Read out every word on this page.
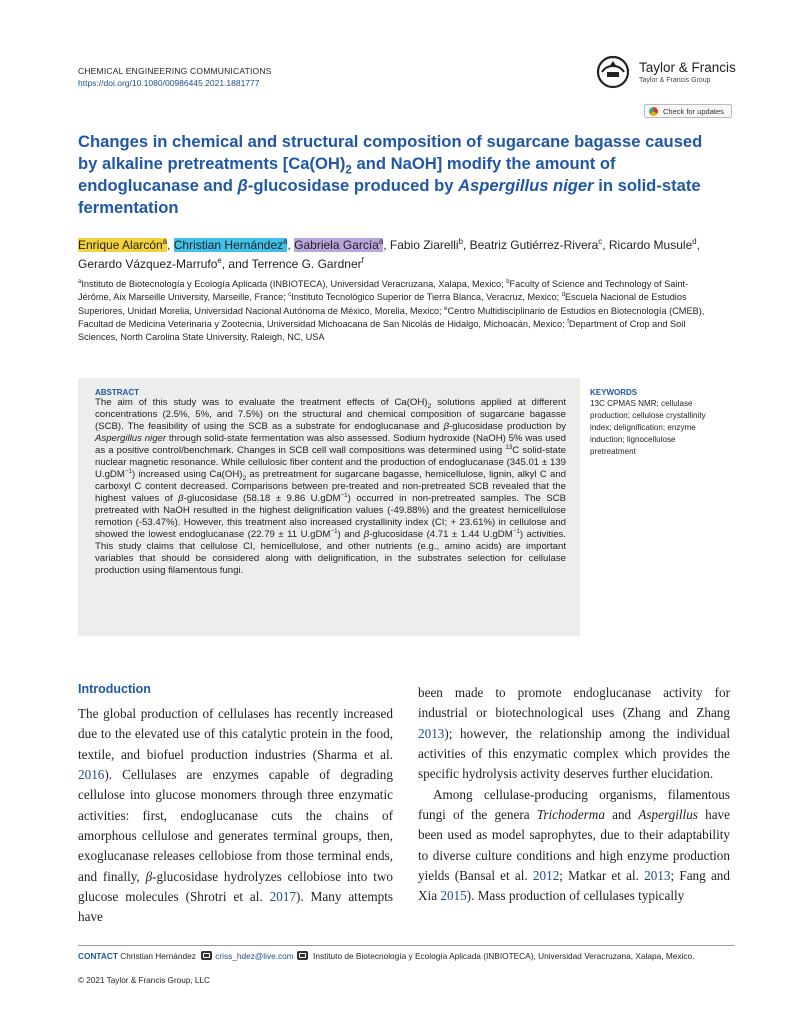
CHEMICAL ENGINEERING COMMUNICATIONS
https://doi.org/10.1080/00986445.2021.1881777
Taylor & Francis
Taylor & Francis Group
Check for updates
Changes in chemical and structural composition of sugarcane bagasse caused by alkaline pretreatments [$Ca(OH)_2$ and NaOH] modify the amount of endoglucanase and β-glucosidase produced by Aspergillus niger in solid-state fermentation
Enrique Alarcón$^a$, Christian Hernández$^a$, Gabriela García$^a$, Fabio Ziarelli$^b$, Beatriz Gutiérrez-Rivera$^c$, Ricardo Musule$^d$, Gerardo Vázquez-Marrufo$^e$, and Terrence G. Gardner$^f$
$^a$Instituto de Biotecnología y Ecología Aplicada (INBIOTECA), Universidad Veracruzana, Xalapa, Mexico; $^b$Faculty of Science and Technology of Saint-Jérôme, Aix Marseille University, Marseille, France; $^c$Instituto Tecnológico Superior de Tierra Blanca, Veracruz, Mexico; $^d$Escuela Nacional de Estudios Superiores, Unidad Morelia, Universidad Nacional Autónoma de México, Morelia, Mexico; $^e$Centro Multidisciplinario de Estudios en Biotecnología (CMEB), Facultad de Medicina Veterinaria y Zootecnia, Universidad Michoacana de San Nicolás de Hidalgo, Michoacán, Mexico; $^f$Department of Crop and Soil Sciences, North Carolina State University, Raleigh, NC, USA
ABSTRACT
The aim of this study was to evaluate the treatment effects of $Ca(OH)_2$ solutions applied at different concentrations (2.5%, 5%, and 7.5%) on the structural and chemical composition of sugarcane bagasse (SCB). The feasibility of using the SCB as a substrate for endoglucanase and β-glucosidase production by Aspergillus niger through solid-state fermentation was also assessed. Sodium hydroxide (NaOH) 5% was used as a positive control/benchmark. Changes in SCB cell wall compositions was determined using $^{13}$C solid-state nuclear magnetic resonance. While cellulosic fiber content and the production of endoglucanase (345.01 ± 139 U.gDM$^{-1}$) increased using $Ca(OH)_2$ as pretreatment for sugarcane bagasse, hemicellulose, lignin, alkyl C and carboxyl C content decreased. Comparisons between pre-treated and non-pretreated SCB revealed that the highest values of β-glucosidase (58.18 ± 9.86 U.gDM$^{-1}$) occurred in non-pretreated samples. The SCB pretreated with NaOH resulted in the highest delignification values (-49.88%) and the greatest hemicellulose remotion (-53.47%). However, this treatment also increased crystallinity index (CI; + 23.61%) in cellulose and showed the lowest endoglucanase (22.79 ± 11 U.gDM$^{-1}$) and β-glucosidase (4.71 ± 1.44 U.gDM$^{-1}$) activities. This study claims that cellulose CI, hemicellulose, and other nutrients (e.g., amino acids) are important variables that should be considered along with delignification, in the substrates selection for cellulase production using filamentous fungi.
KEYWORDS
13C CPMAS NMR; cellulase production; cellulose crystallinity index; delignification; enzyme induction; lignocellulose pretreatment
Introduction
The global production of cellulases has recently increased due to the elevated use of this catalytic protein in the food, textile, and biofuel production industries (Sharma et al. 2016). Cellulases are enzymes capable of degrading cellulose into glucose monomers through three enzymatic activities: first, endoglucanase cuts the chains of amorphous cellulose and generates terminal groups, then, exoglucanase releases cellobiose from those terminal ends, and finally, β-glucosidase hydrolyzes cellobiose into two glucose molecules (Shrotri et al. 2017). Many attempts have
been made to promote endoglucanase activity for industrial or biotechnological uses (Zhang and Zhang 2013); however, the relationship among the individual activities of this enzymatic complex which provides the specific hydrolysis activity deserves further elucidation.
Among cellulase-producing organisms, filamentous fungi of the genera Trichoderma and Aspergillus have been used as model saprophytes, due to their adaptability to diverse culture conditions and high enzyme production yields (Bansal et al. 2012; Matkar et al. 2013; Fang and Xia 2015). Mass production of cellulases typically
CONTACT Christian Hernández criss_hdez@live.com Instituto de Biotecnología y Ecología Aplicada (INBIOTECA), Universidad Veracruzana, Xalapa, Mexico.
© 2021 Taylor & Francis Group, LLC
